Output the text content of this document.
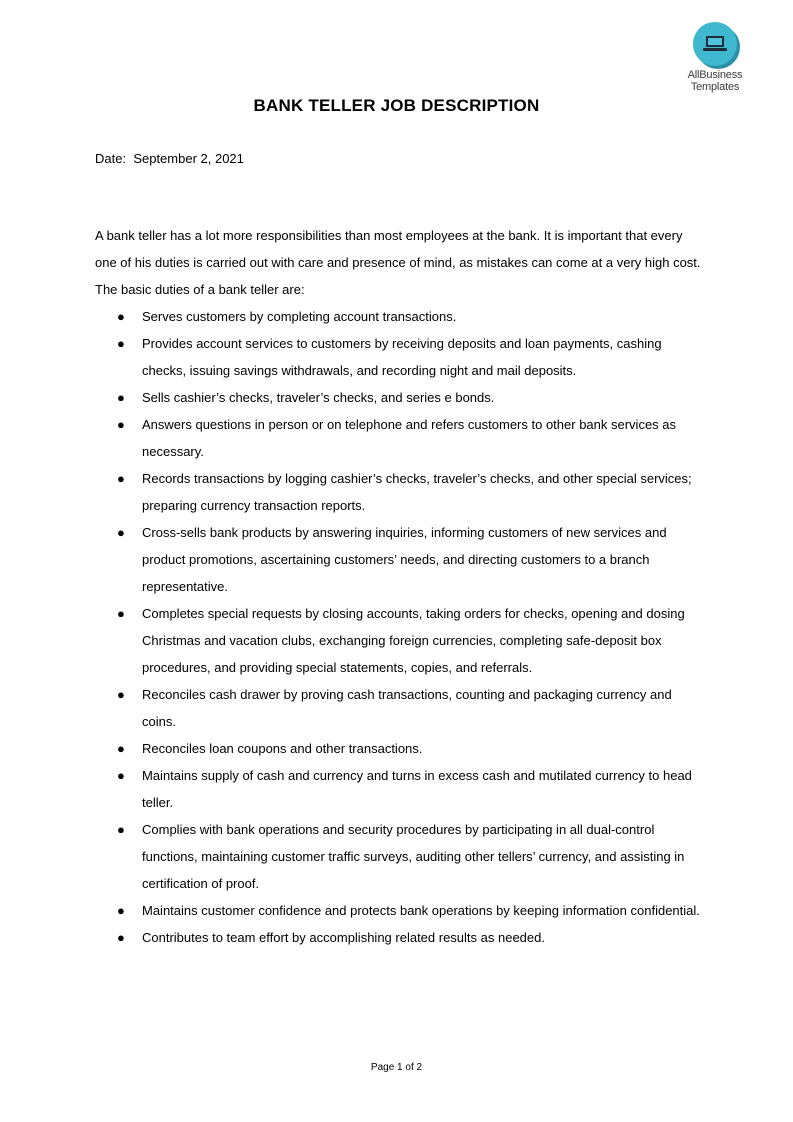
AllBusiness
Templates
BANK TELLER JOB DESCRIPTION
Date: September 2, 2021

A bank teller has a lot more responsibilities than most employees at the bank. It is important that every one of his duties is carried out with care and presence of mind, as mistakes can come at a very high cost. The basic duties of a bank teller are:

● Serves customers by completing account transactions.
● Provides account services to customers by receiving deposits and loan payments, cashing checks, issuing savings withdrawals, and recording night and mail deposits.
● Sells cashier’s checks, traveler’s checks, and series e bonds.
● Answers questions in person or on telephone and refers customers to other bank services as necessary.
● Records transactions by logging cashier’s checks, traveler’s checks, and other special services; preparing currency transaction reports.
● Cross-sells bank products by answering inquiries, informing customers of new services and product promotions, ascertaining customers’ needs, and directing customers to a branch representative.
● Completes special requests by closing accounts, taking orders for checks, opening and dosing Christmas and vacation clubs, exchanging foreign currencies, completing safe-deposit box procedures, and providing special statements, copies, and referrals.
● Reconciles cash drawer by proving cash transactions, counting and packaging currency and coins.
● Reconciles loan coupons and other transactions.
● Maintains supply of cash and currency and turns in excess cash and mutilated currency to head teller.
● Complies with bank operations and security procedures by participating in all dual-control functions, maintaining customer traffic surveys, auditing other tellers’ currency, and assisting in certification of proof.
● Maintains customer confidence and protects bank operations by keeping information confidential.
● Contributes to team effort by accomplishing related results as needed.
Page 1 of 2
